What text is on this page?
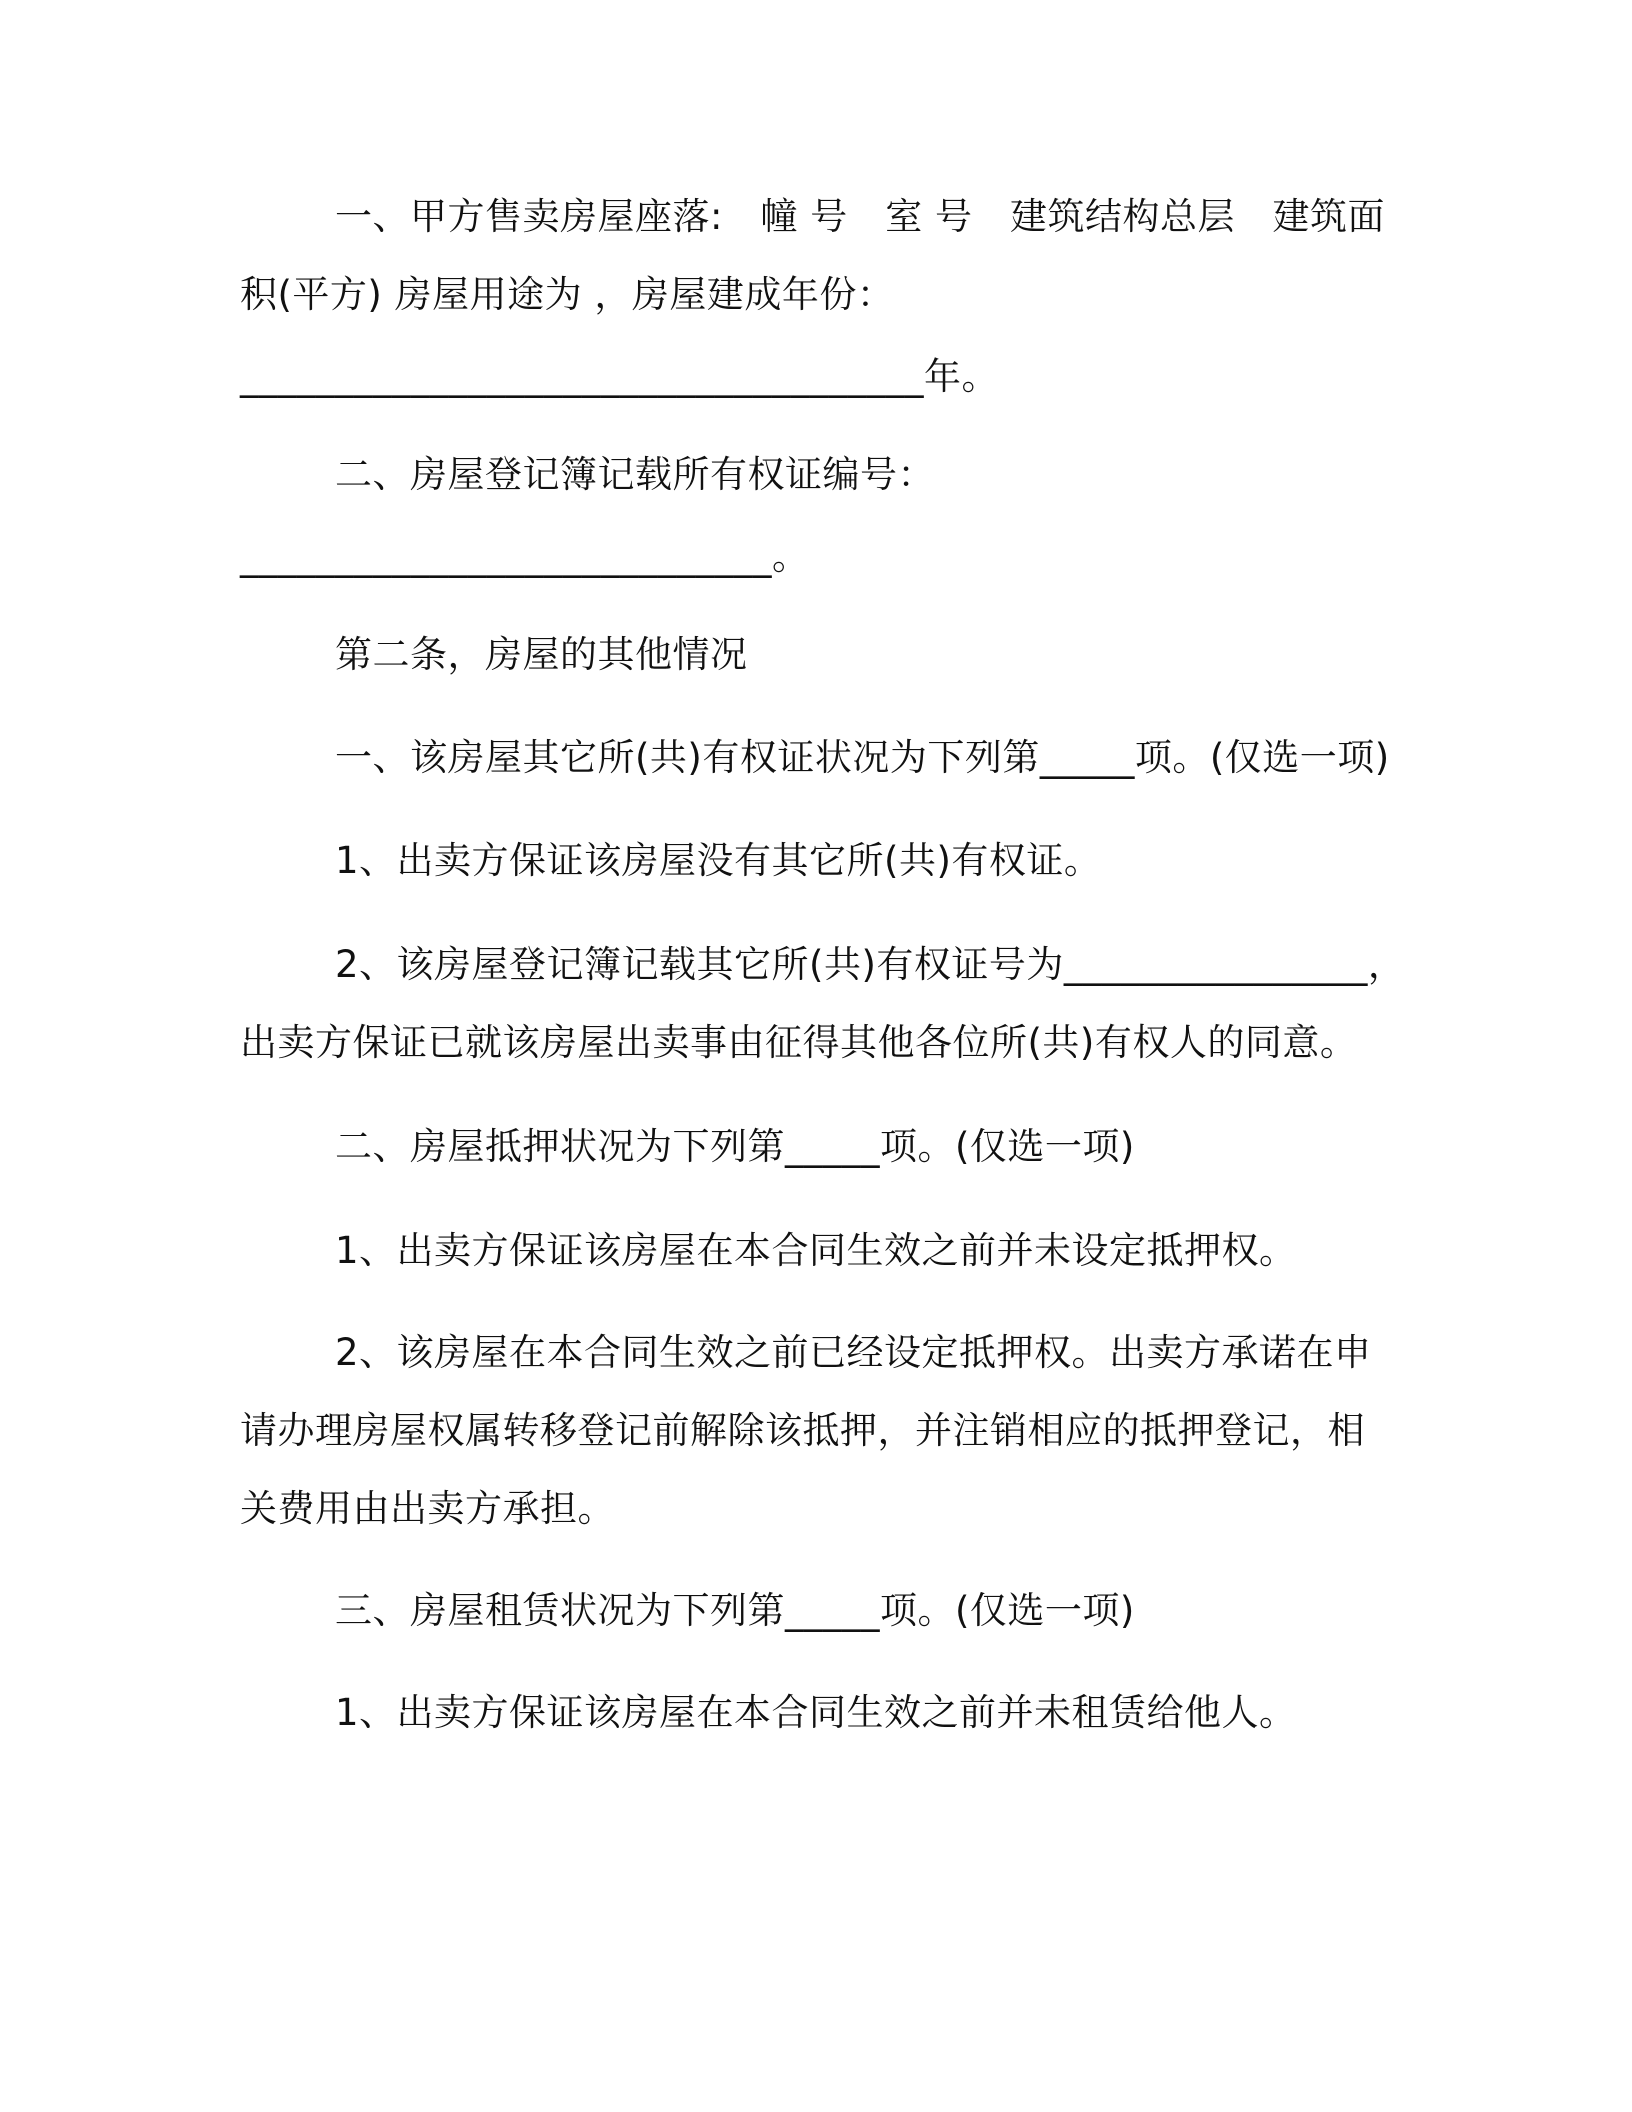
一、甲方售卖房屋座落:　幢 号　室 号　建筑结构总层　建筑面
积(平方) 房屋用途为 ，房屋建成年份：
____________________________________年。
二、房屋登记簿记载所有权证编号：
____________________________。
第二条，房屋的其他情况
一、该房屋其它所(共)有权证状况为下列第_____项。(仅选一项)
1、出卖方保证该房屋没有其它所(共)有权证。
2、该房屋登记簿记载其它所(共)有权证号为________________，
出卖方保证已就该房屋出卖事由征得其他各位所(共)有权人的同意。
二、房屋抵押状况为下列第_____项。(仅选一项)
1、出卖方保证该房屋在本合同生效之前并未设定抵押权。
2、该房屋在本合同生效之前已经设定抵押权。出卖方承诺在申
请办理房屋权属转移登记前解除该抵押，并注销相应的抵押登记，相
关费用由出卖方承担。
三、房屋租赁状况为下列第_____项。(仅选一项)
1、出卖方保证该房屋在本合同生效之前并未租赁给他人。
